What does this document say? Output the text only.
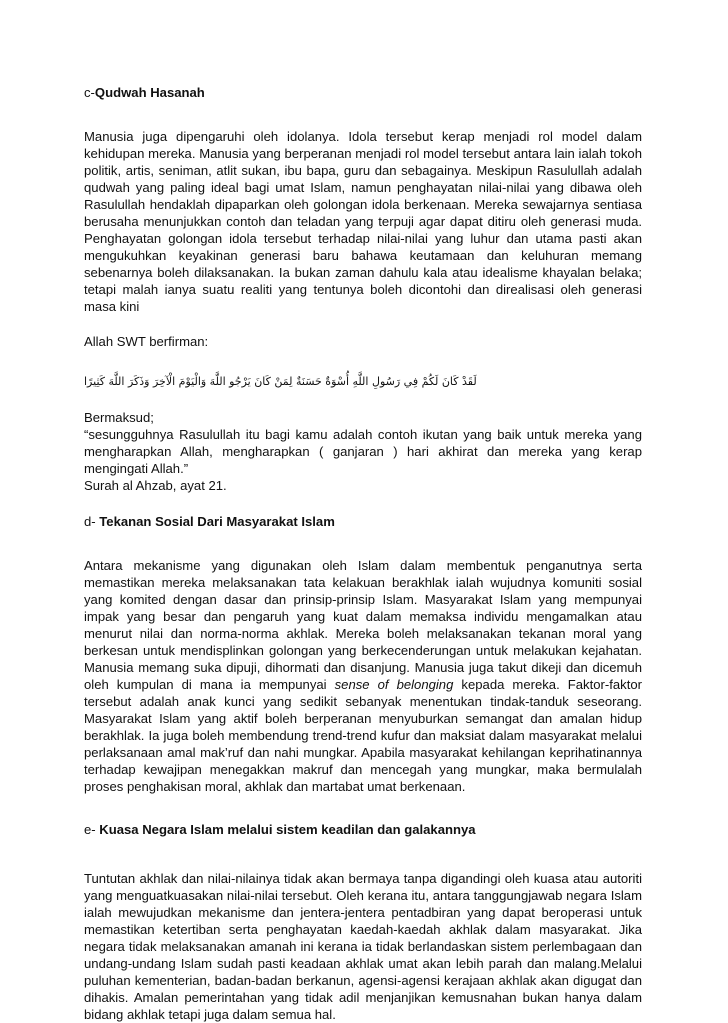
c-Qudwah Hasanah

Manusia juga dipengaruhi oleh idolanya. Idola tersebut kerap menjadi rol model dalam kehidupan mereka. Manusia yang berperanan menjadi rol model tersebut antara lain ialah tokoh politik, artis, seniman, atlit sukan, ibu bapa, guru dan sebagainya. Meskipun Rasulullah adalah qudwah yang paling ideal bagi umat Islam, namun penghayatan nilai-nilai yang dibawa oleh Rasulullah hendaklah dipaparkan oleh golongan idola berkenaan. Mereka sewajarnya sentiasa berusaha menunjukkan contoh dan teladan yang terpuji agar dapat ditiru oleh generasi muda. Penghayatan golongan idola tersebut terhadap nilai-nilai yang luhur dan utama pasti akan mengukuhkan keyakinan generasi baru bahawa keutamaan dan keluhuran memang sebenarnya boleh dilaksanakan. Ia bukan zaman dahulu kala atau idealisme khayalan belaka; tetapi malah ianya suatu realiti yang tentunya boleh dicontohi dan direalisasi oleh generasi masa kini

Allah SWT berfirman:

لَقَدْ كَانَ لَكُمْ فِي رَسُولِ اللَّهِ أُسْوَةٌ حَسَنَةٌ لِمَنْ كَانَ يَرْجُو اللَّهَ وَالْيَوْمَ الْآخِرَ وَذَكَرَ اللَّهَ كَثِيرًا

Bermaksud;
“sesungguhnya Rasulullah itu bagi kamu adalah contoh ikutan yang baik untuk mereka yang mengharapkan Allah, mengharapkan ( ganjaran ) hari akhirat dan mereka yang kerap mengingati Allah.”
Surah al Ahzab, ayat 21.

d- Tekanan Sosial Dari Masyarakat Islam

Antara mekanisme yang digunakan oleh Islam dalam membentuk penganutnya serta memastikan mereka melaksanakan tata kelakuan berakhlak ialah wujudnya komuniti sosial yang komited dengan dasar dan prinsip-prinsip Islam. Masyarakat Islam yang mempunyai impak yang besar dan pengaruh yang kuat dalam memaksa individu mengamalkan atau menurut nilai dan norma-norma akhlak. Mereka boleh melaksanakan tekanan moral yang berkesan untuk mendisplinkan golongan yang berkecenderungan untuk melakukan kejahatan. Manusia memang suka dipuji, dihormati dan disanjung. Manusia juga takut dikeji dan dicemuh oleh kumpulan di mana ia mempunyai sense of belonging kepada mereka. Faktor-faktor tersebut adalah anak kunci yang sedikit sebanyak menentukan tindak-tanduk seseorang. Masyarakat Islam yang aktif boleh berperanan menyuburkan semangat dan amalan hidup berakhlak. Ia juga boleh membendung trend-trend kufur dan maksiat dalam masyarakat melalui perlaksanaan amal mak’ruf dan nahi mungkar. Apabila masyarakat kehilangan keprihatinannya terhadap kewajipan menegakkan makruf dan mencegah yang mungkar, maka bermulalah proses penghakisan moral, akhlak dan martabat umat berkenaan.

e- Kuasa Negara Islam melalui sistem keadilan dan galakannya

Tuntutan akhlak dan nilai-nilainya tidak akan bermaya tanpa digandingi oleh kuasa atau autoriti yang menguatkuasakan nilai-nilai tersebut. Oleh kerana itu, antara tanggungjawab negara Islam ialah mewujudkan mekanisme dan jentera-jentera pentadbiran yang dapat beroperasi untuk memastikan ketertiban serta penghayatan kaedah-kaedah akhlak dalam masyarakat. Jika negara tidak melaksanakan amanah ini kerana ia tidak berlandaskan sistem perlembagaan dan undang-undang Islam sudah pasti keadaan akhlak umat akan lebih parah dan malang.Melalui puluhan kementerian, badan-badan berkanun, agensi-agensi kerajaan akhlak akan digugat dan dihakis. Amalan pemerintahan yang tidak adil menjanjikan kemusnahan bukan hanya dalam bidang akhlak tetapi juga dalam semua hal.
